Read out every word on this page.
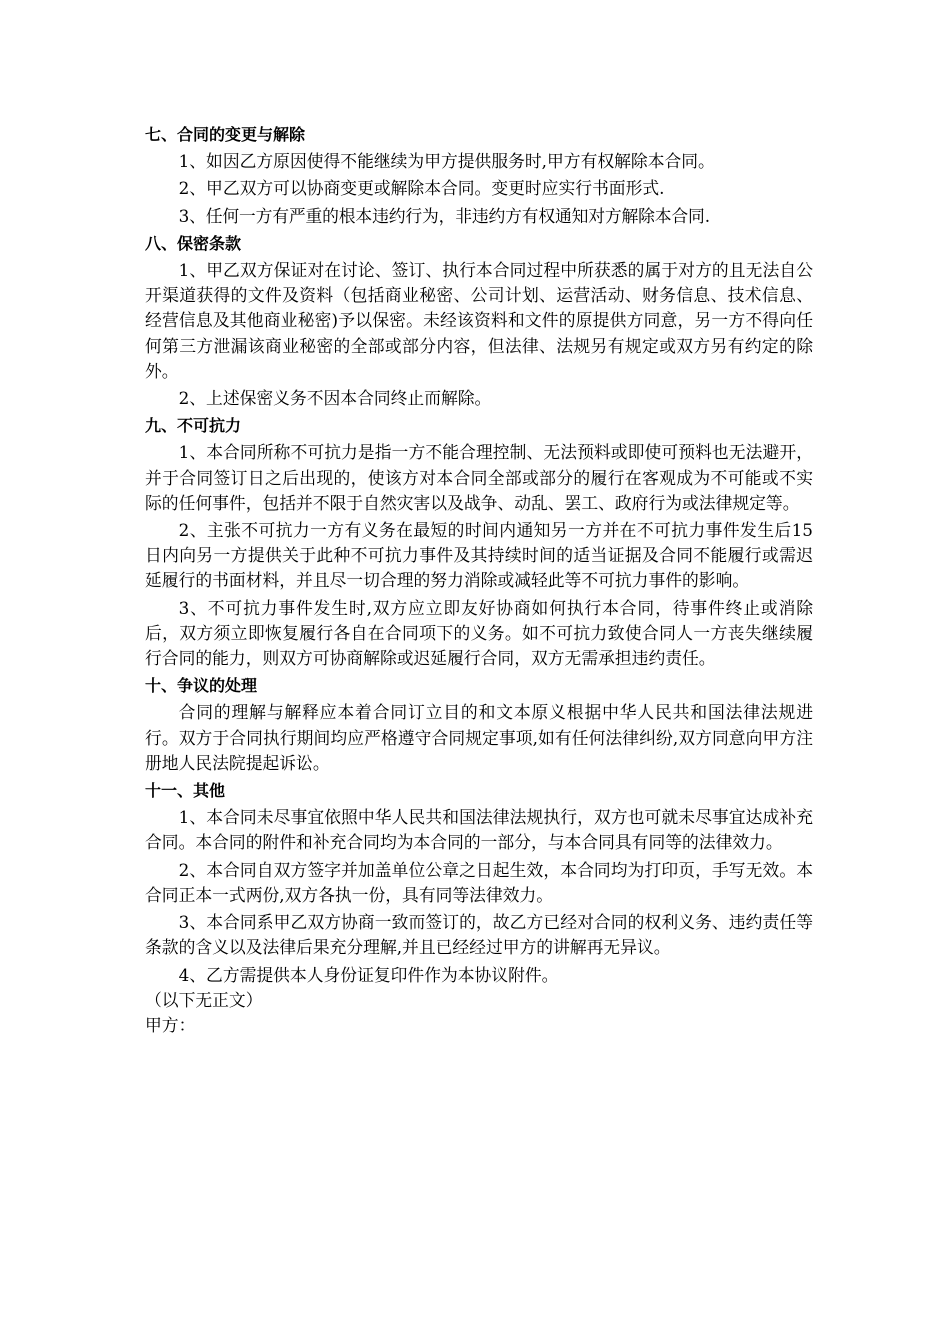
七、合同的变更与解除

1、如因乙方原因使得不能继续为甲方提供服务时,甲方有权解除本合同。

2、甲乙双方可以协商变更或解除本合同。变更时应实行书面形式.

3、任何一方有严重的根本违约行为，非违约方有权通知对方解除本合同.

八、保密条款

1、甲乙双方保证对在讨论、签订、执行本合同过程中所获悉的属于对方的且无法自公开渠道获得的文件及资料（包括商业秘密、公司计划、运营活动、财务信息、技术信息、经营信息及其他商业秘密)予以保密。未经该资料和文件的原提供方同意，另一方不得向任何第三方泄漏该商业秘密的全部或部分内容，但法律、法规另有规定或双方另有约定的除外。

2、上述保密义务不因本合同终止而解除。

九、不可抗力

1、本合同所称不可抗力是指一方不能合理控制、无法预料或即使可预料也无法避开，并于合同签订日之后出现的，使该方对本合同全部或部分的履行在客观成为不可能或不实际的任何事件，包括并不限于自然灾害以及战争、动乱、罢工、政府行为或法律规定等。

2、主张不可抗力一方有义务在最短的时间内通知另一方并在不可抗力事件发生后15日内向另一方提供关于此种不可抗力事件及其持续时间的适当证据及合同不能履行或需迟延履行的书面材料，并且尽一切合理的努力消除或减轻此等不可抗力事件的影响。

3、不可抗力事件发生时,双方应立即友好协商如何执行本合同，待事件终止或消除后，双方须立即恢复履行各自在合同项下的义务。如不可抗力致使合同人一方丧失继续履行合同的能力，则双方可协商解除或迟延履行合同，双方无需承担违约责任。

十、争议的处理

合同的理解与解释应本着合同订立目的和文本原义根据中华人民共和国法律法规进行。双方于合同执行期间均应严格遵守合同规定事项,如有任何法律纠纷,双方同意向甲方注册地人民法院提起诉讼。

十一、其他

1、本合同未尽事宜依照中华人民共和国法律法规执行，双方也可就未尽事宜达成补充合同。本合同的附件和补充合同均为本合同的一部分，与本合同具有同等的法律效力。

2、本合同自双方签字并加盖单位公章之日起生效，本合同均为打印页，手写无效。本合同正本一式两份,双方各执一份，具有同等法律效力。

3、本合同系甲乙双方协商一致而签订的，故乙方已经对合同的权利义务、违约责任等条款的含义以及法律后果充分理解,并且已经经过甲方的讲解再无异议。

4、乙方需提供本人身份证复印件作为本协议附件。

（以下无正文）

甲方：
